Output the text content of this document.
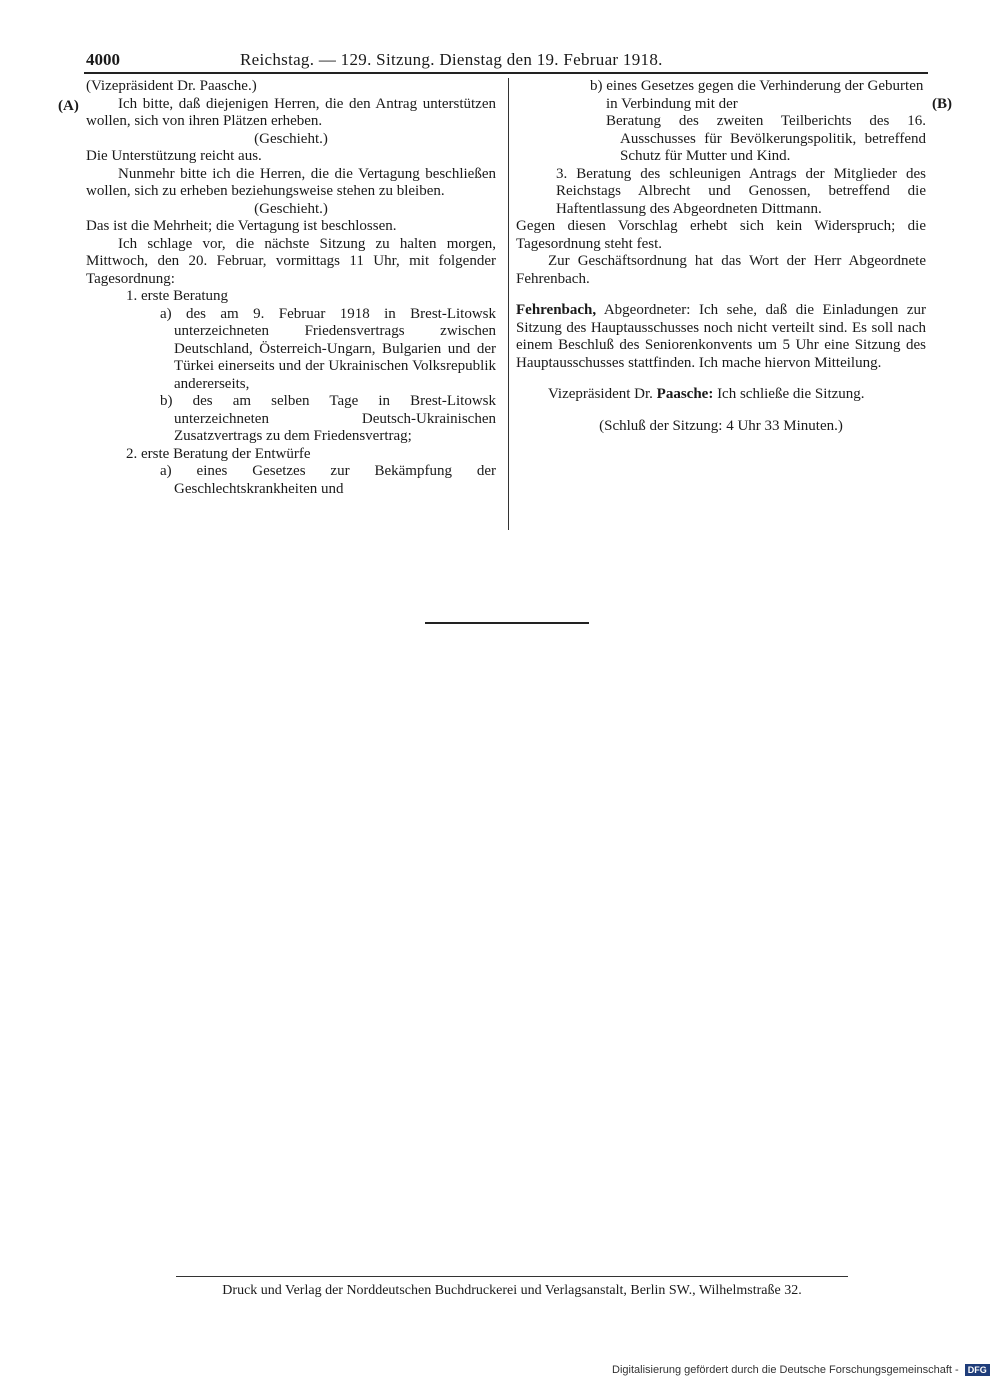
4000	Reichstag. — 129. Sitzung. Dienstag den 19. Februar 1918.
(A)	(B)

(Vizepräsident Dr. Paasche.)

Ich bitte, daß diejenigen Herren, die den Antrag unterstützen wollen, sich von ihren Plätzen erheben.

(Geschieht.)

Die Unterstützung reicht aus.

Nunmehr bitte ich die Herren, die die Vertagung beschließen wollen, sich zu erheben beziehungsweise stehen zu bleiben.

(Geschieht.)

Das ist die Mehrheit; die Vertagung ist beschlossen.

Ich schlage vor, die nächste Sitzung zu halten morgen, Mittwoch, den 20. Februar, vormittags 11 Uhr, mit folgender Tagesordnung:

1. erste Beratung

a) des am 9. Februar 1918 in Brest-Litowsk unterzeichneten Friedensvertrags zwischen Deutschland, Österreich-Ungarn, Bulgarien und der Türkei einerseits und der Ukrainischen Volksrepublik andererseits,

b) des am selben Tage in Brest-Litowsk unterzeichneten Deutsch-Ukrainischen Zusatzvertrags zu dem Friedensvertrag;

2. erste Beratung der Entwürfe

a) eines Gesetzes zur Bekämpfung der Geschlechtskrankheiten und

b) eines Gesetzes gegen die Verhinderung der Geburten

in Verbindung mit der

Beratung des zweiten Teilberichts des 16. Ausschusses für Bevölkerungspolitik, betreffend Schutz für Mutter und Kind.

3. Beratung des schleunigen Antrags der Mitglieder des Reichstags Albrecht und Genossen, betreffend die Haftentlassung des Abgeordneten Dittmann.

Gegen diesen Vorschlag erhebt sich kein Widerspruch; die Tagesordnung steht fest.

Zur Geschäftsordnung hat das Wort der Herr Abgeordnete Fehrenbach.

Fehrenbach, Abgeordneter: Ich sehe, daß die Einladungen zur Sitzung des Hauptausschusses noch nicht verteilt sind. Es soll nach einem Beschluß des Seniorenkonvents um 5 Uhr eine Sitzung des Hauptausschusses stattfinden. Ich mache hiervon Mitteilung.

Vizepräsident Dr. Paasche: Ich schließe die Sitzung.

(Schluß der Sitzung: 4 Uhr 33 Minuten.)

Druck und Verlag der Norddeutschen Buchdruckerei und Verlagsanstalt, Berlin SW., Wilhelmstraße 32.
Digitalisierung gefördert durch die Deutsche Forschungsgemeinschaft - DFG
